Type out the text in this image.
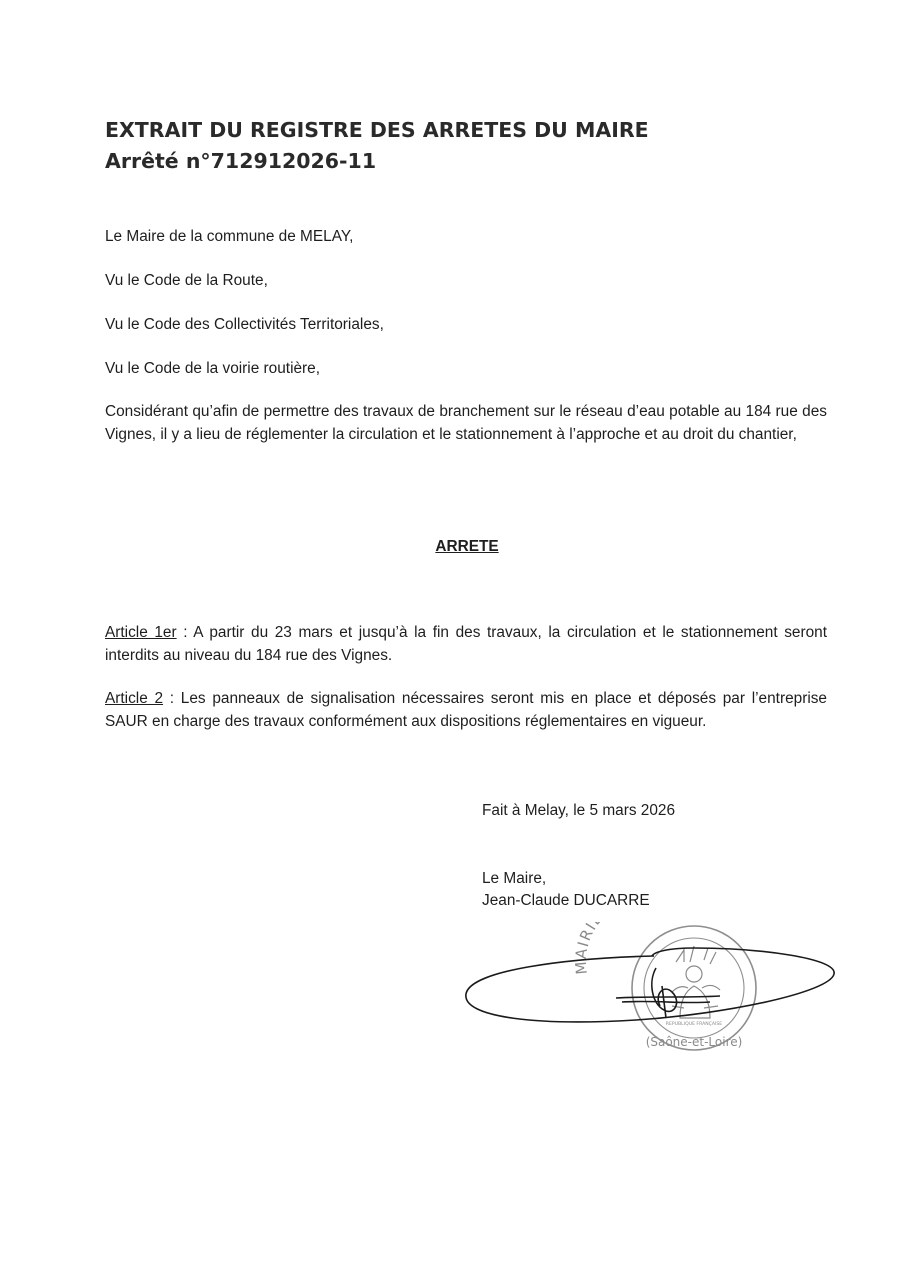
EXTRAIT DU REGISTRE DES ARRETES DU MAIRE
Arrêté n°712912026-11

Le Maire de la commune de MELAY,

Vu le Code de la Route,

Vu le Code des Collectivités Territoriales,

Vu le Code de la voirie routière,

Considérant qu’afin de permettre des travaux de branchement sur le réseau d’eau potable au 184 rue des Vignes, il y a lieu de réglementer la circulation et le stationnement à l’approche et au droit du chantier,

ARRETE

Article 1er : A partir du 23 mars et jusqu’à la fin des travaux, la circulation et le stationnement seront interdits au niveau du 184 rue des Vignes.

Article 2 : Les panneaux de signalisation nécessaires seront mis en place et déposés par l’entreprise SAUR en charge des travaux conformément aux dispositions réglementaires en vigueur.

Fait à Melay, le 5 mars 2026
Le Maire,
Jean-Claude DUCARRE
MAIRI
(Saône-et-Loire)
REPUBLIQUE FRANÇAISE
